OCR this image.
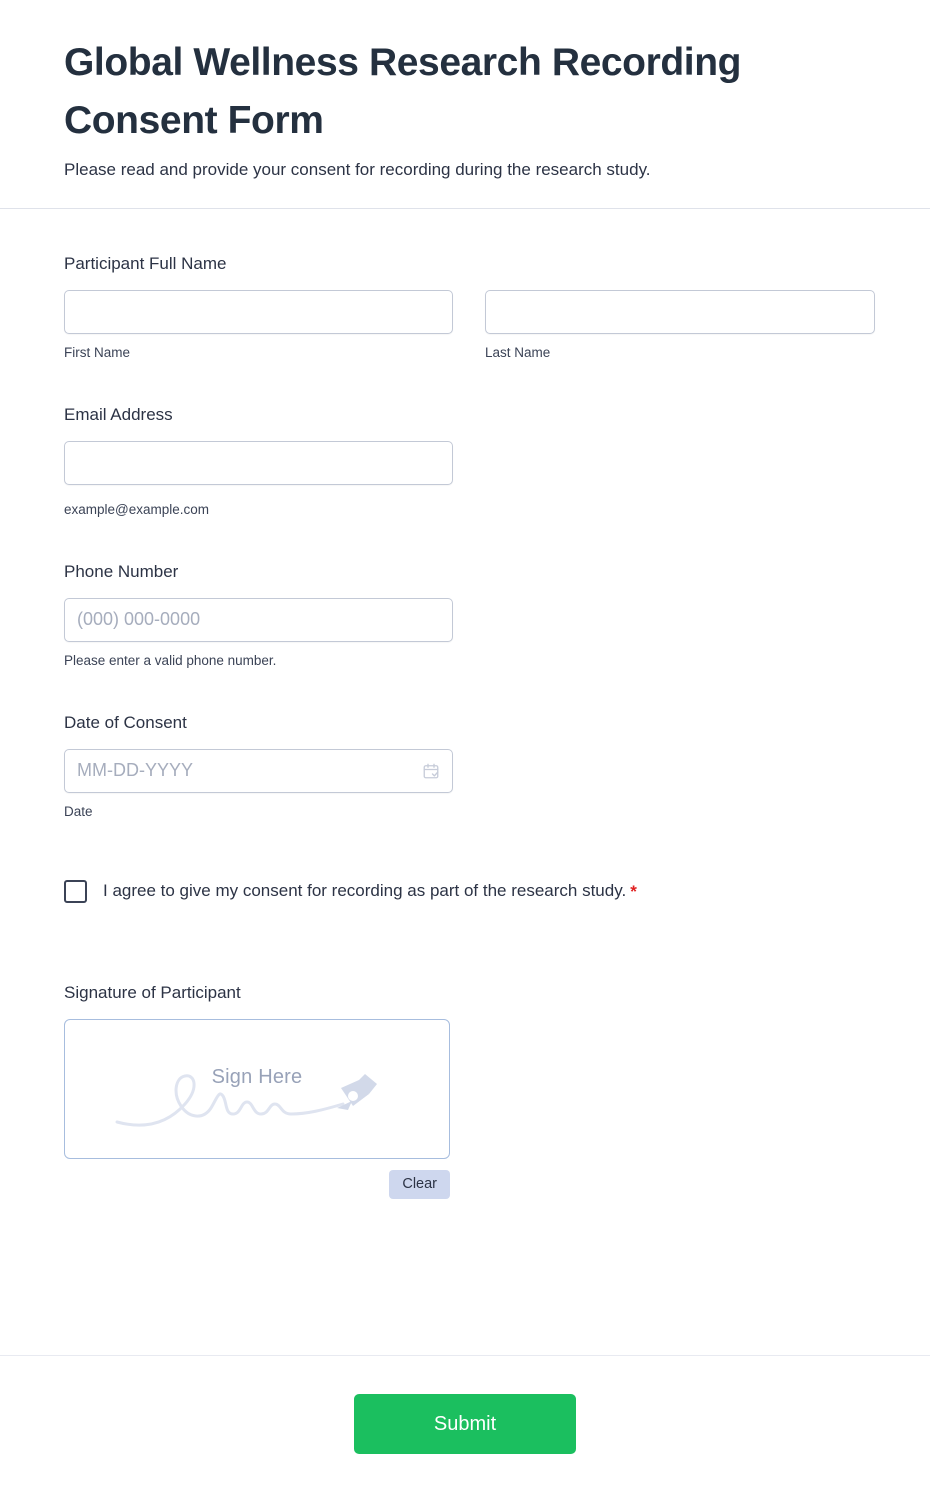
Global Wellness Research Recording Consent Form

Please read and provide your consent for recording during the research study.

Participant Full Name
First Name	Last Name
Email Address
example@example.com
Phone Number
(000) 000-0000
Please enter a valid phone number.
Date of Consent
MM-DD-YYYY
Date
I agree to give my consent for recording as part of the research study. *
Signature of Participant
Sign Here
Clear
Submit
